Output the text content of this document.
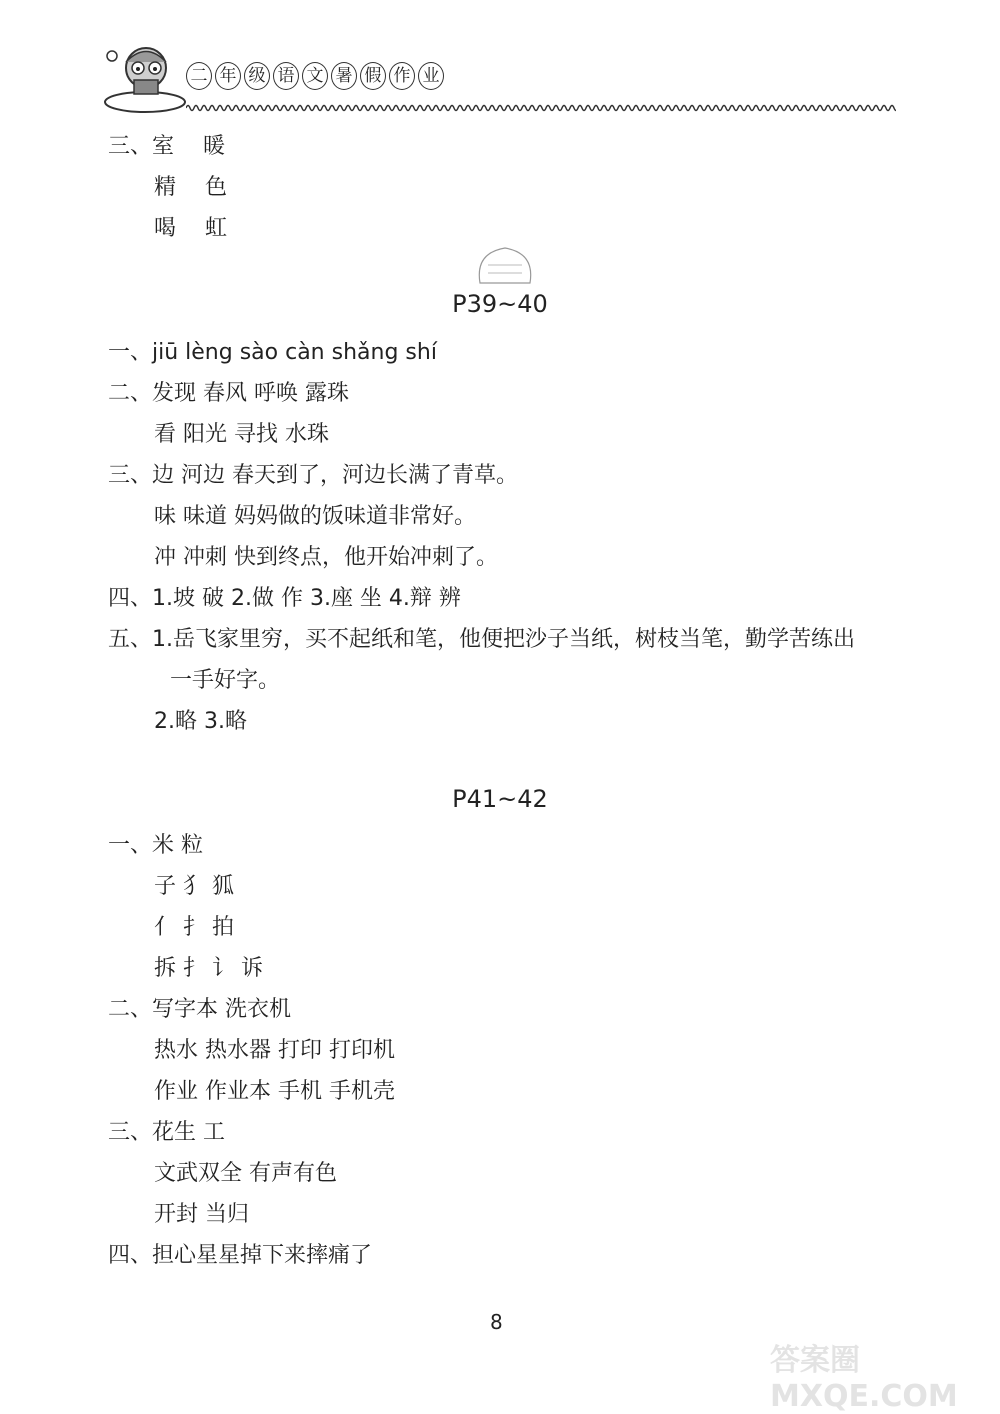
二 年 级 语 文 暑 假 作 业
三、室 暖
精 色
喝 虹
P39~40
一、jiū lèng sào càn shǎng shí
二、发现 春风 呼唤 露珠
看 阳光 寻找 水珠
三、边 河边 春天到了，河边长满了青草。
味 味道 妈妈做的饭味道非常好。
冲 冲刺 快到终点，他开始冲刺了。
四、1.坡 破 2.做 作 3.座 坐 4.辩 辨
五、1.岳飞家里穷，买不起纸和笔，他便把沙子当纸，树枝当笔，勤学苦练出
一手好字。
2.略 3.略
P41~42
一、米 粒
子 犭 狐
亻 扌 拍
拆 扌 讠 诉
二、写字本 洗衣机
热水 热水器 打印 打印机
作业 作业本 手机 手机壳
三、花生 工
文武双全 有声有色
开封 当归
四、担心星星掉下来摔痛了
8
答案圈 MXQE.COM
